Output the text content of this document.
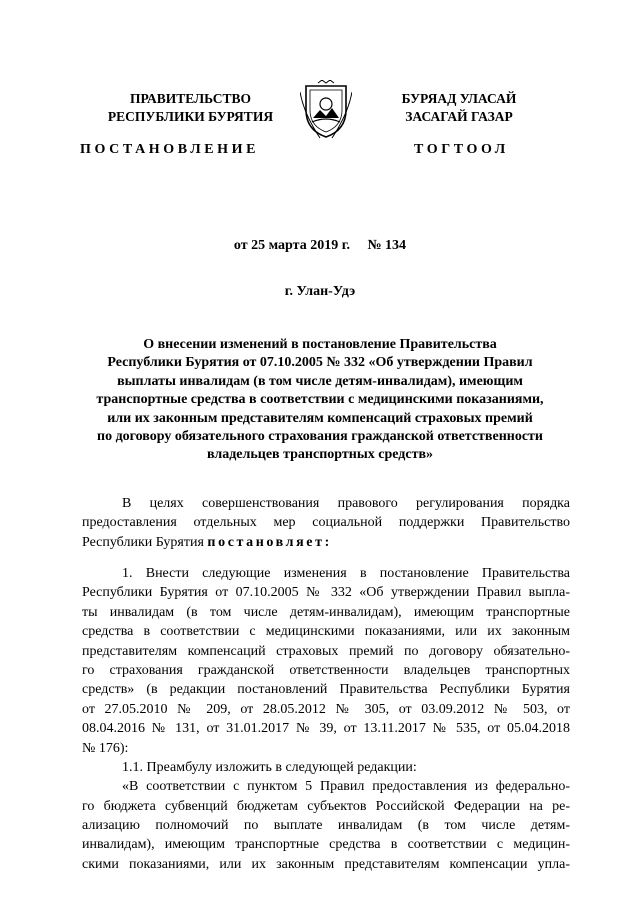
ПРАВИТЕЛЬСТВО
РЕСПУБЛИКИ БУРЯТИЯ
БУРЯАД УЛАСАЙ
ЗАСАГАЙ ГАЗАР
ПОСТАНОВЛЕНИЕ	ТОГТООЛ
от 25 марта 2019 г. № 134
г. Улан-Удэ
О внесении изменений в постановление Правительства
Республики Бурятия от 07.10.2005 № 332 «Об утверждении Правил
выплаты инвалидам (в том числе детям-инвалидам), имеющим
транспортные средства в соответствии с медицинскими показаниями,
или их законным представителям компенсаций страховых премий
по договору обязательного страхования гражданской ответственности
владельцев транспортных средств»
В целях совершенствования правового регулирования порядка
предоставления отдельных мер социальной поддержки Правительство
Республики Бурятия постановляет:
1. Внести следующие изменения в постановление Правительства
Республики Бурятия от 07.10.2005 № 332 «Об утверждении Правил выпла-
ты инвалидам (в том числе детям-инвалидам), имеющим транспортные
средства в соответствии с медицинскими показаниями, или их законным
представителям компенсаций страховых премий по договору обязательно-
го страхования гражданской ответственности владельцев транспортных
средств» (в редакции постановлений Правительства Республики Бурятия
от 27.05.2010 № 209, от 28.05.2012 № 305, от 03.09.2012 № 503, от
08.04.2016 № 131, от 31.01.2017 № 39, от 13.11.2017 № 535, от 05.04.2018
№ 176):
1.1. Преамбулу изложить в следующей редакции:
«В соответствии с пунктом 5 Правил предоставления из федерально-
го бюджета субвенций бюджетам субъектов Российской Федерации на ре-
ализацию полномочий по выплате инвалидам (в том числе детям-
инвалидам), имеющим транспортные средства в соответствии с медицин-
скими показаниями, или их законным представителям компенсации упла-
